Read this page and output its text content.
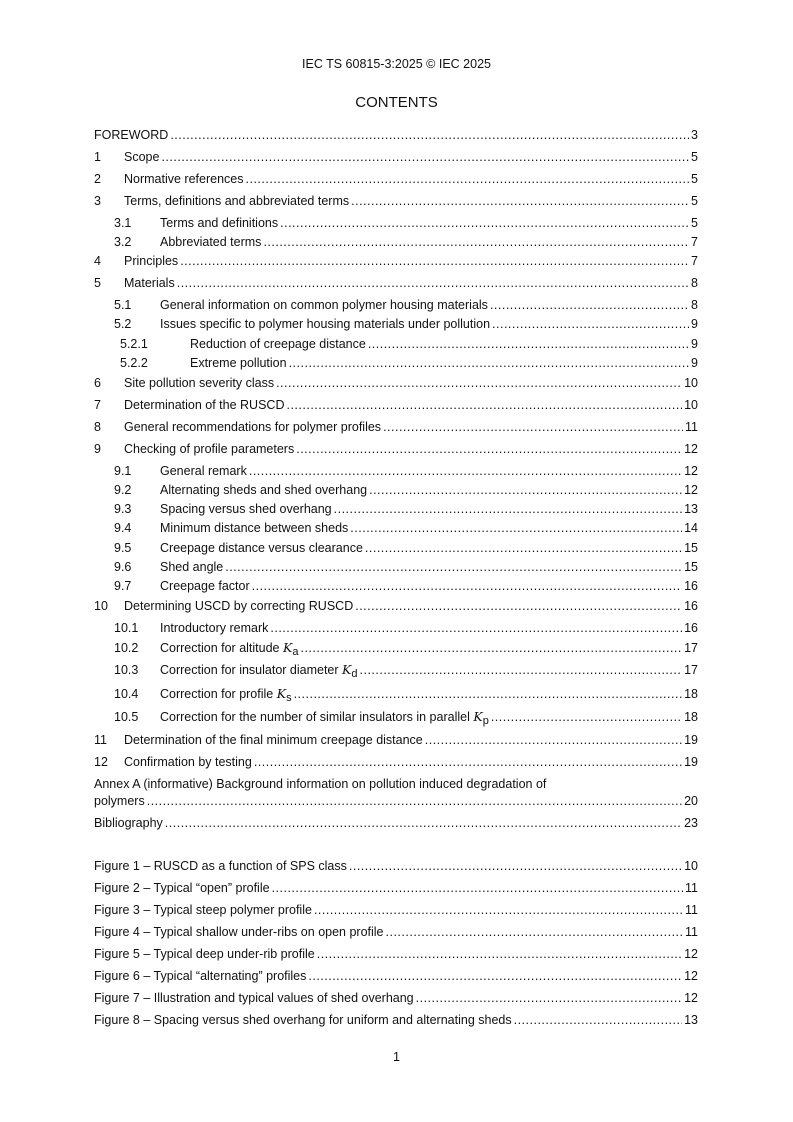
IEC TS 60815-3:2025 © IEC 2025
CONTENTS
FOREWORD .....	3
1 Scope .....	5
2 Normative references .....	5
3 Terms, definitions and abbreviated terms .....	5
3.1 Terms and definitions .....	5
3.2 Abbreviated terms .....	7
4 Principles .....	7
5 Materials .....	8
5.1 General information on common polymer housing materials .....	8
5.2 Issues specific to polymer housing materials under pollution .....	9
5.2.1	Reduction of creepage distance .....	9
5.2.2	Extreme pollution .....	9
6 Site pollution severity class .....	10
7 Determination of the RUSCD .....	10
8 General recommendations for polymer profiles .....	11
9 Checking of profile parameters .....	12
9.1 General remark .....	12
9.2 Alternating sheds and shed overhang .....	12
9.3 Spacing versus shed overhang .....	13
9.4 Minimum distance between sheds .....	14
9.5 Creepage distance versus clearance .....	15
9.6 Shed angle .....	15
9.7 Creepage factor .....	16
10 Determining USCD by correcting RUSCD .....	16
10.1 Introductory remark .....	16
10.2 Correction for altitude $K_a$ .....	17
10.3 Correction for insulator diameter $K_d$ .....	17
10.4 Correction for profile $K_s$ .....	18
10.5 Correction for the number of similar insulators in parallel $K_p$ .....	18
11 Determination of the final minimum creepage distance .....	19
12 Confirmation by testing .....	19
Annex A (informative) Background information on pollution induced degradation of
polymers .....	20
Bibliography .....	23
Figure 1 – RUSCD as a function of SPS class .....	10
Figure 2 – Typical “open” profile .....	11
Figure 3 – Typical steep polymer profile .....	11
Figure 4 – Typical shallow under-ribs on open profile .....	11
Figure 5 – Typical deep under-rib profile .....	12
Figure 6 – Typical “alternating” profiles .....	12
Figure 7 – Illustration and typical values of shed overhang .....	12
Figure 8 – Spacing versus shed overhang for uniform and alternating sheds .....	13
1
